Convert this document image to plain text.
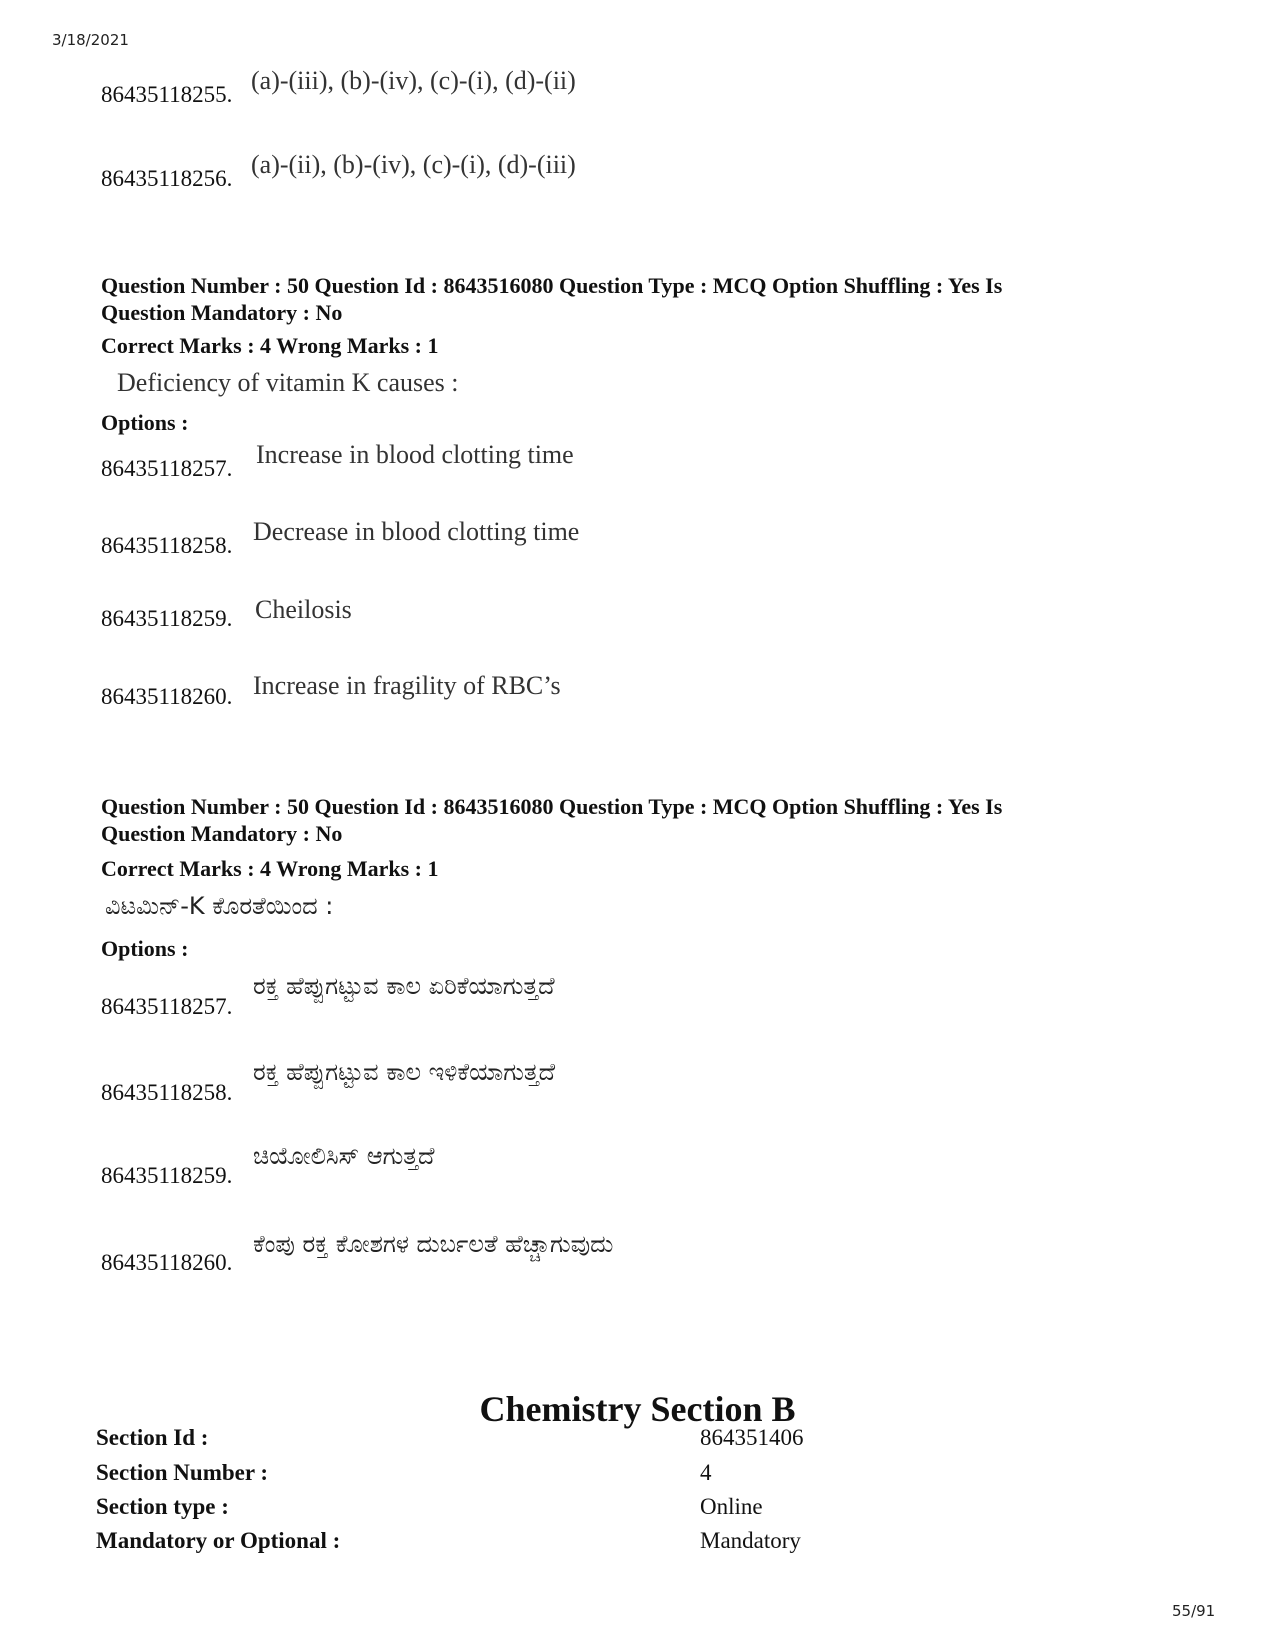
3/18/2021
86435118255. (a)-(iii), (b)-(iv), (c)-(i), (d)-(ii)
86435118256. (a)-(ii), (b)-(iv), (c)-(i), (d)-(iii)
Question Number : 50 Question Id : 8643516080 Question Type : MCQ Option Shuffling : Yes Is
Question Mandatory : No
Correct Marks : 4 Wrong Marks : 1
Deficiency of vitamin K causes :
Options :
86435118257. Increase in blood clotting time
86435118258. Decrease in blood clotting time
86435118259. Cheilosis
86435118260. Increase in fragility of RBC’s
Question Number : 50 Question Id : 8643516080 Question Type : MCQ Option Shuffling : Yes Is
Question Mandatory : No
Correct Marks : 4 Wrong Marks : 1
ವಿಟಮಿನ್-K ಕೊರತೆಯಿಂದ :
Options :
86435118257.
ರಕ್ತ ಹೆಪ್ಪುಗಟ್ಟುವ ಕಾಲ ಏರಿಕೆಯಾಗುತ್ತದೆ
86435118258.
ರಕ್ತ ಹೆಪ್ಪುಗಟ್ಟುವ ಕಾಲ ಇಳಿಕೆಯಾಗುತ್ತದೆ
86435118259.
ಚಿಯೋಲಿಸಿಸ್ ಆಗುತ್ತದೆ
86435118260.
ಕೆಂಪು ರಕ್ತ ಕೋಶಗಳ ದುರ್ಬಲತೆ ಹೆಚ್ಚಾಗುವುದು
Chemistry Section B
Section Id :	864351406
Section Number :	4
Section type :	Online
Mandatory or Optional :	Mandatory
55/91
